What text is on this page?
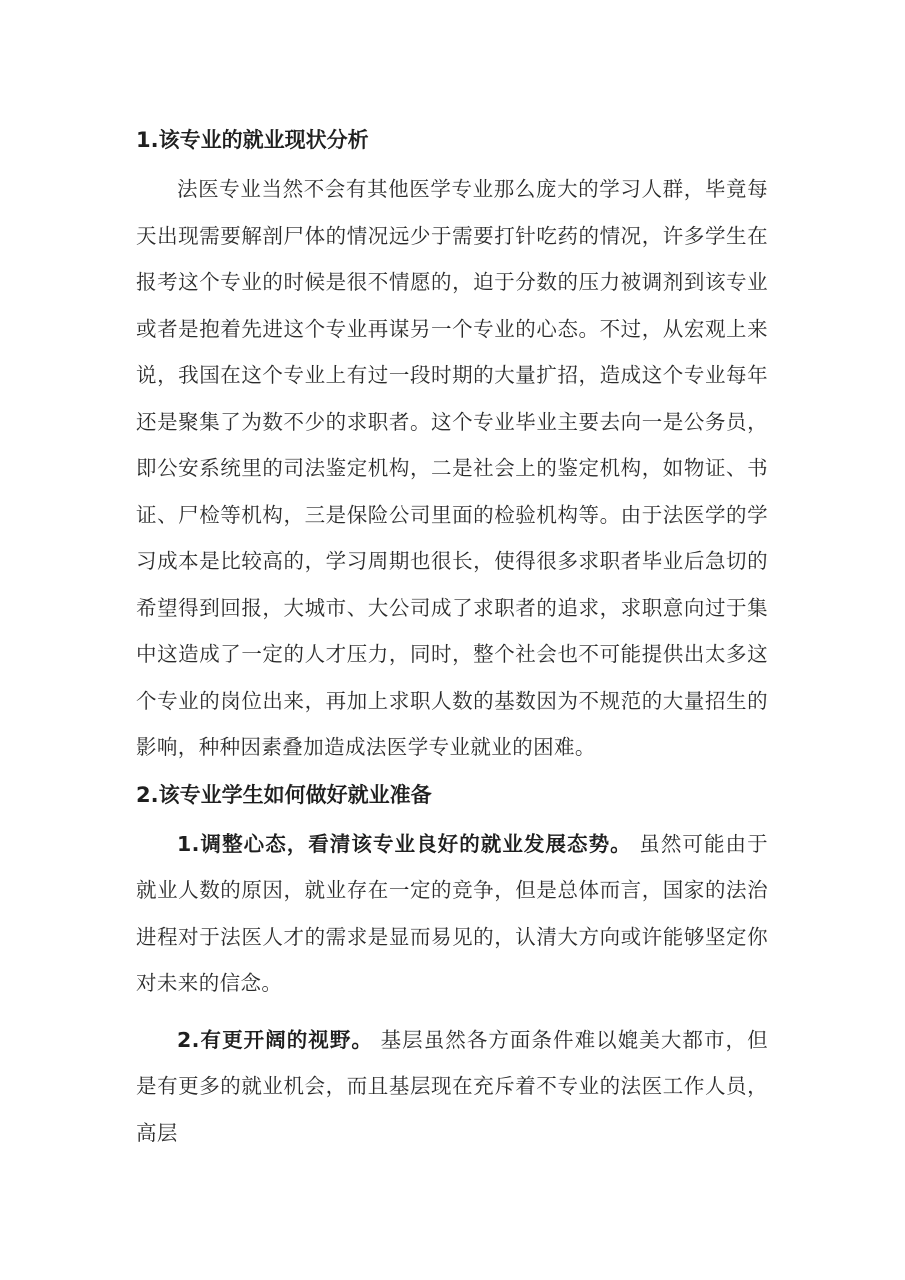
1.该专业的就业现状分析

法医专业当然不会有其他医学专业那么庞大的学习人群，毕竟每天出现需要解剖尸体的情况远少于需要打针吃药的情况，许多学生在报考这个专业的时候是很不情愿的，迫于分数的压力被调剂到该专业或者是抱着先进这个专业再谋另一个专业的心态。不过，从宏观上来说，我国在这个专业上有过一段时期的大量扩招，造成这个专业每年还是聚集了为数不少的求职者。这个专业毕业主要去向一是公务员，即公安系统里的司法鉴定机构，二是社会上的鉴定机构，如物证、书证、尸检等机构，三是保险公司里面的检验机构等。由于法医学的学习成本是比较高的，学习周期也很长，使得很多求职者毕业后急切的希望得到回报，大城市、大公司成了求职者的追求，求职意向过于集中这造成了一定的人才压力，同时，整个社会也不可能提供出太多这个专业的岗位出来，再加上求职人数的基数因为不规范的大量招生的影响，种种因素叠加造成法医学专业就业的困难。

2.该专业学生如何做好就业准备

1.调整心态，看清该专业良好的就业发展态势。 虽然可能由于就业人数的原因，就业存在一定的竞争，但是总体而言，国家的法治进程对于法医人才的需求是显而易见的，认清大方向或许能够坚定你对未来的信念。

2.有更开阔的视野。 基层虽然各方面条件难以媲美大都市，但是有更多的就业机会，而且基层现在充斥着不专业的法医工作人员，高层
